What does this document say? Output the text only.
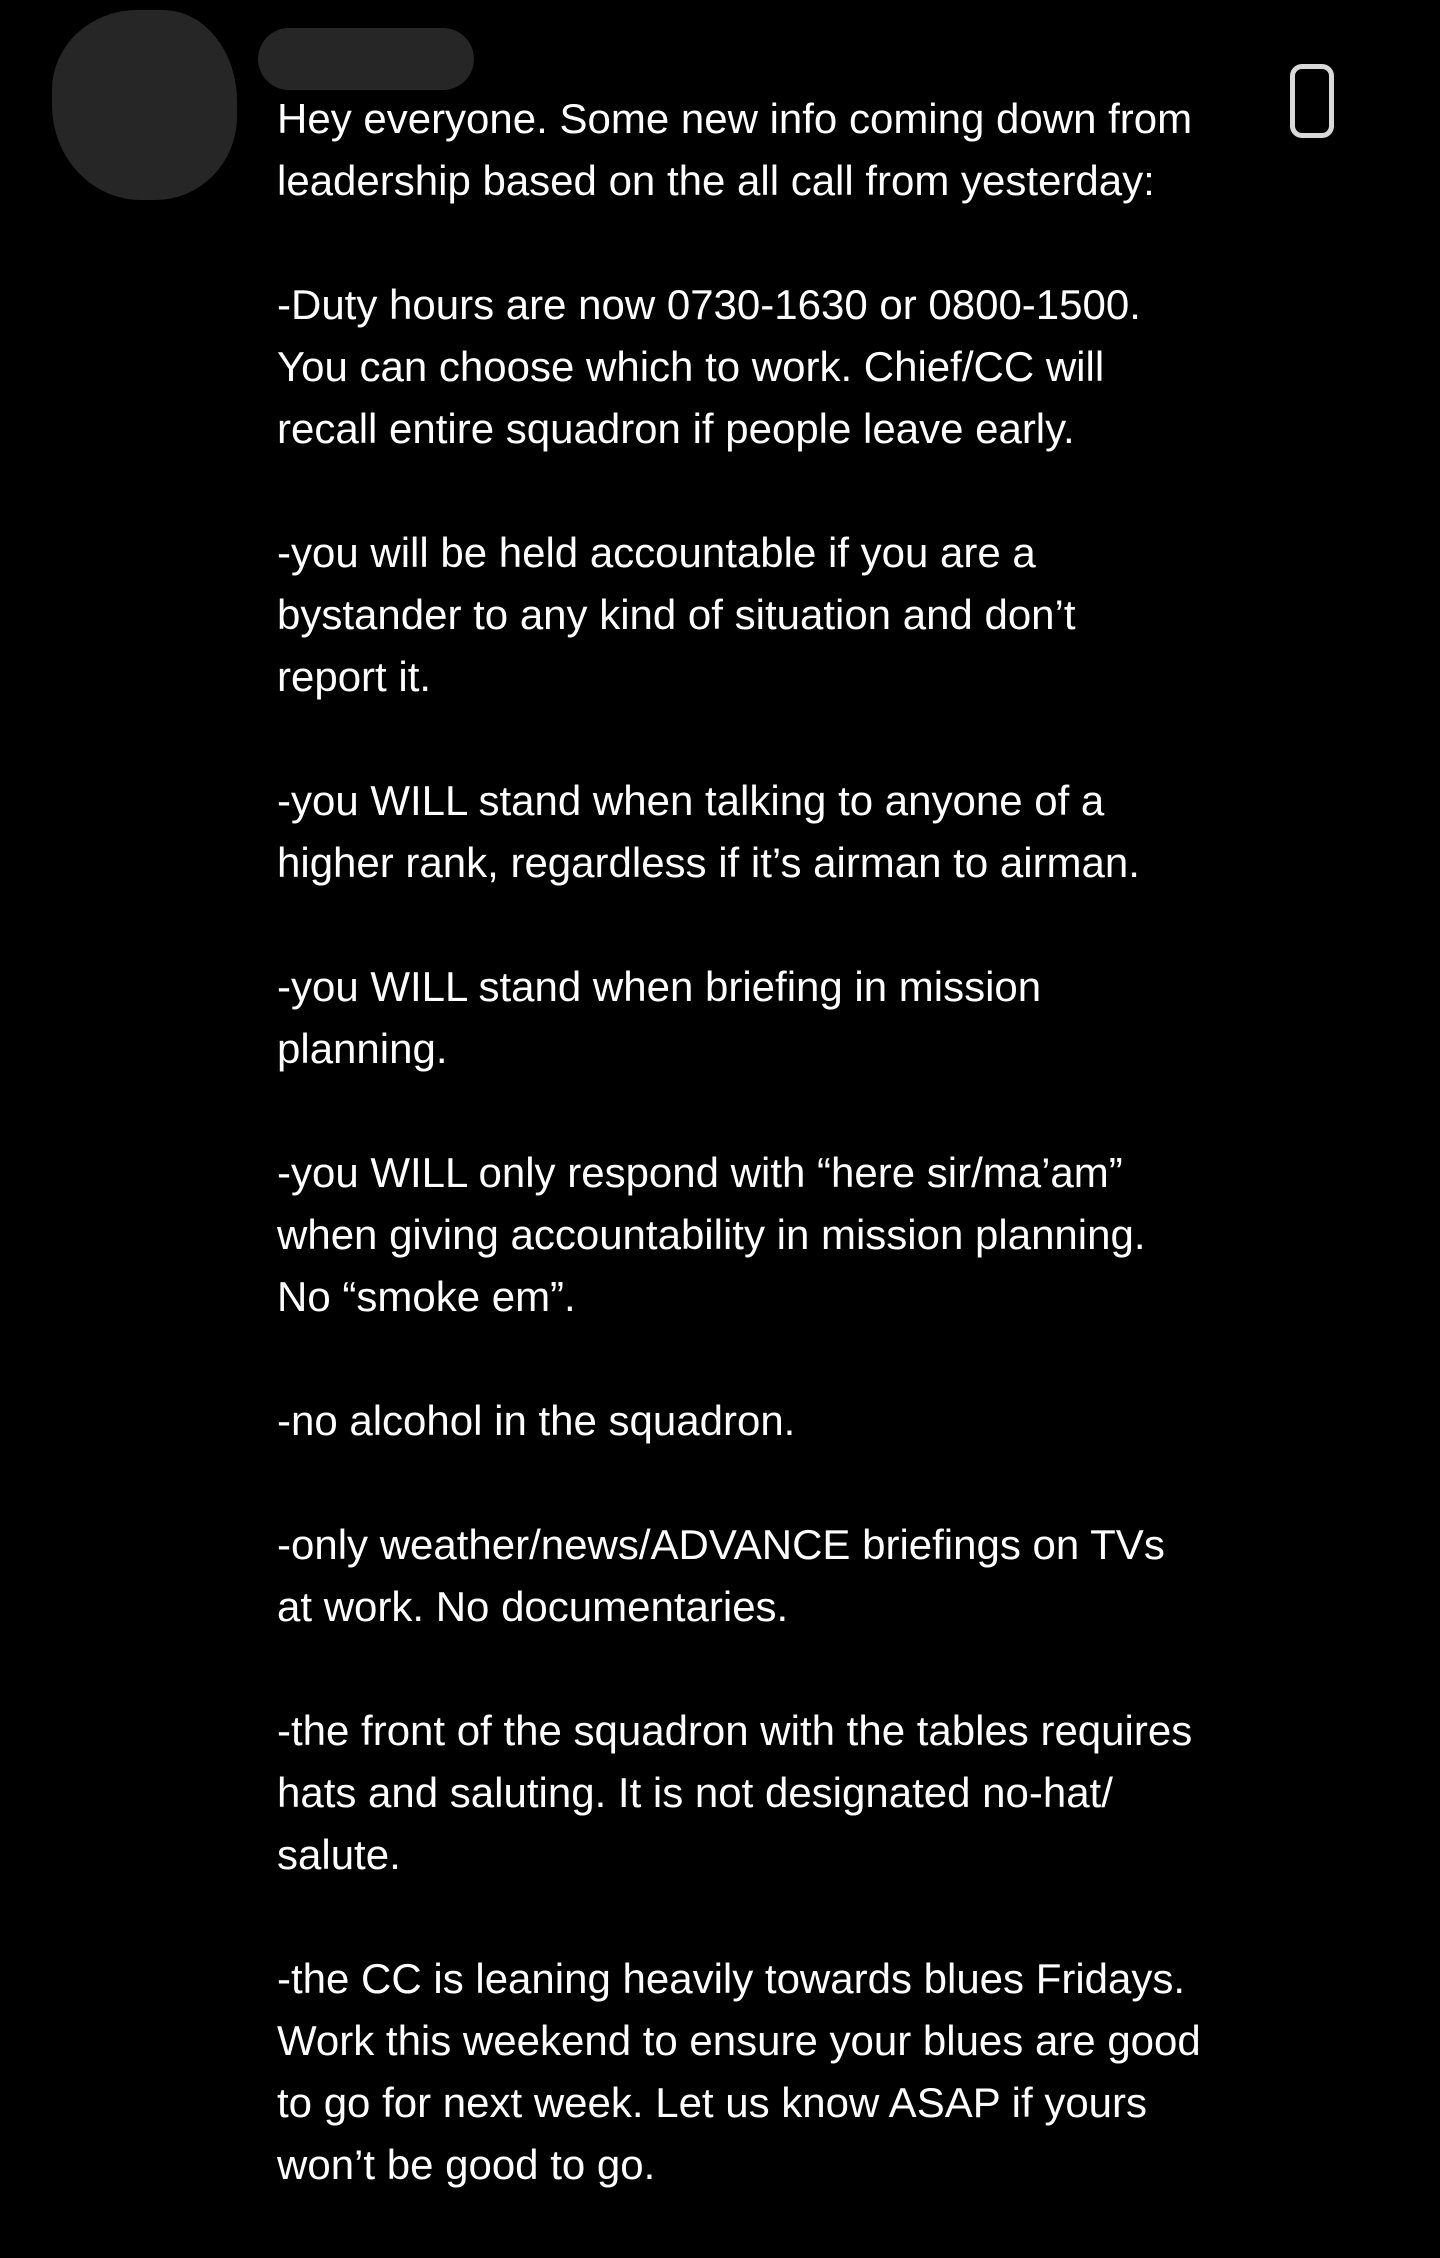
Hey everyone. Some new info coming down from
leadership based on the all call from yesterday:

-Duty hours are now 0730-1630 or 0800-1500.
You can choose which to work. Chief/CC will
recall entire squadron if people leave early.

-you will be held accountable if you are a
bystander to any kind of situation and don’t
report it.

-you WILL stand when talking to anyone of a
higher rank, regardless if it’s airman to airman.

-you WILL stand when briefing in mission
planning.

-you WILL only respond with “here sir/ma’am”
when giving accountability in mission planning.
No “smoke em”.

-no alcohol in the squadron.

-only weather/news/ADVANCE briefings on TVs
at work. No documentaries.

-the front of the squadron with the tables requires
hats and saluting. It is not designated no-hat/
salute.

-the CC is leaning heavily towards blues Fridays.
Work this weekend to ensure your blues are good
to go for next week. Let us know ASAP if yours
won’t be good to go.
